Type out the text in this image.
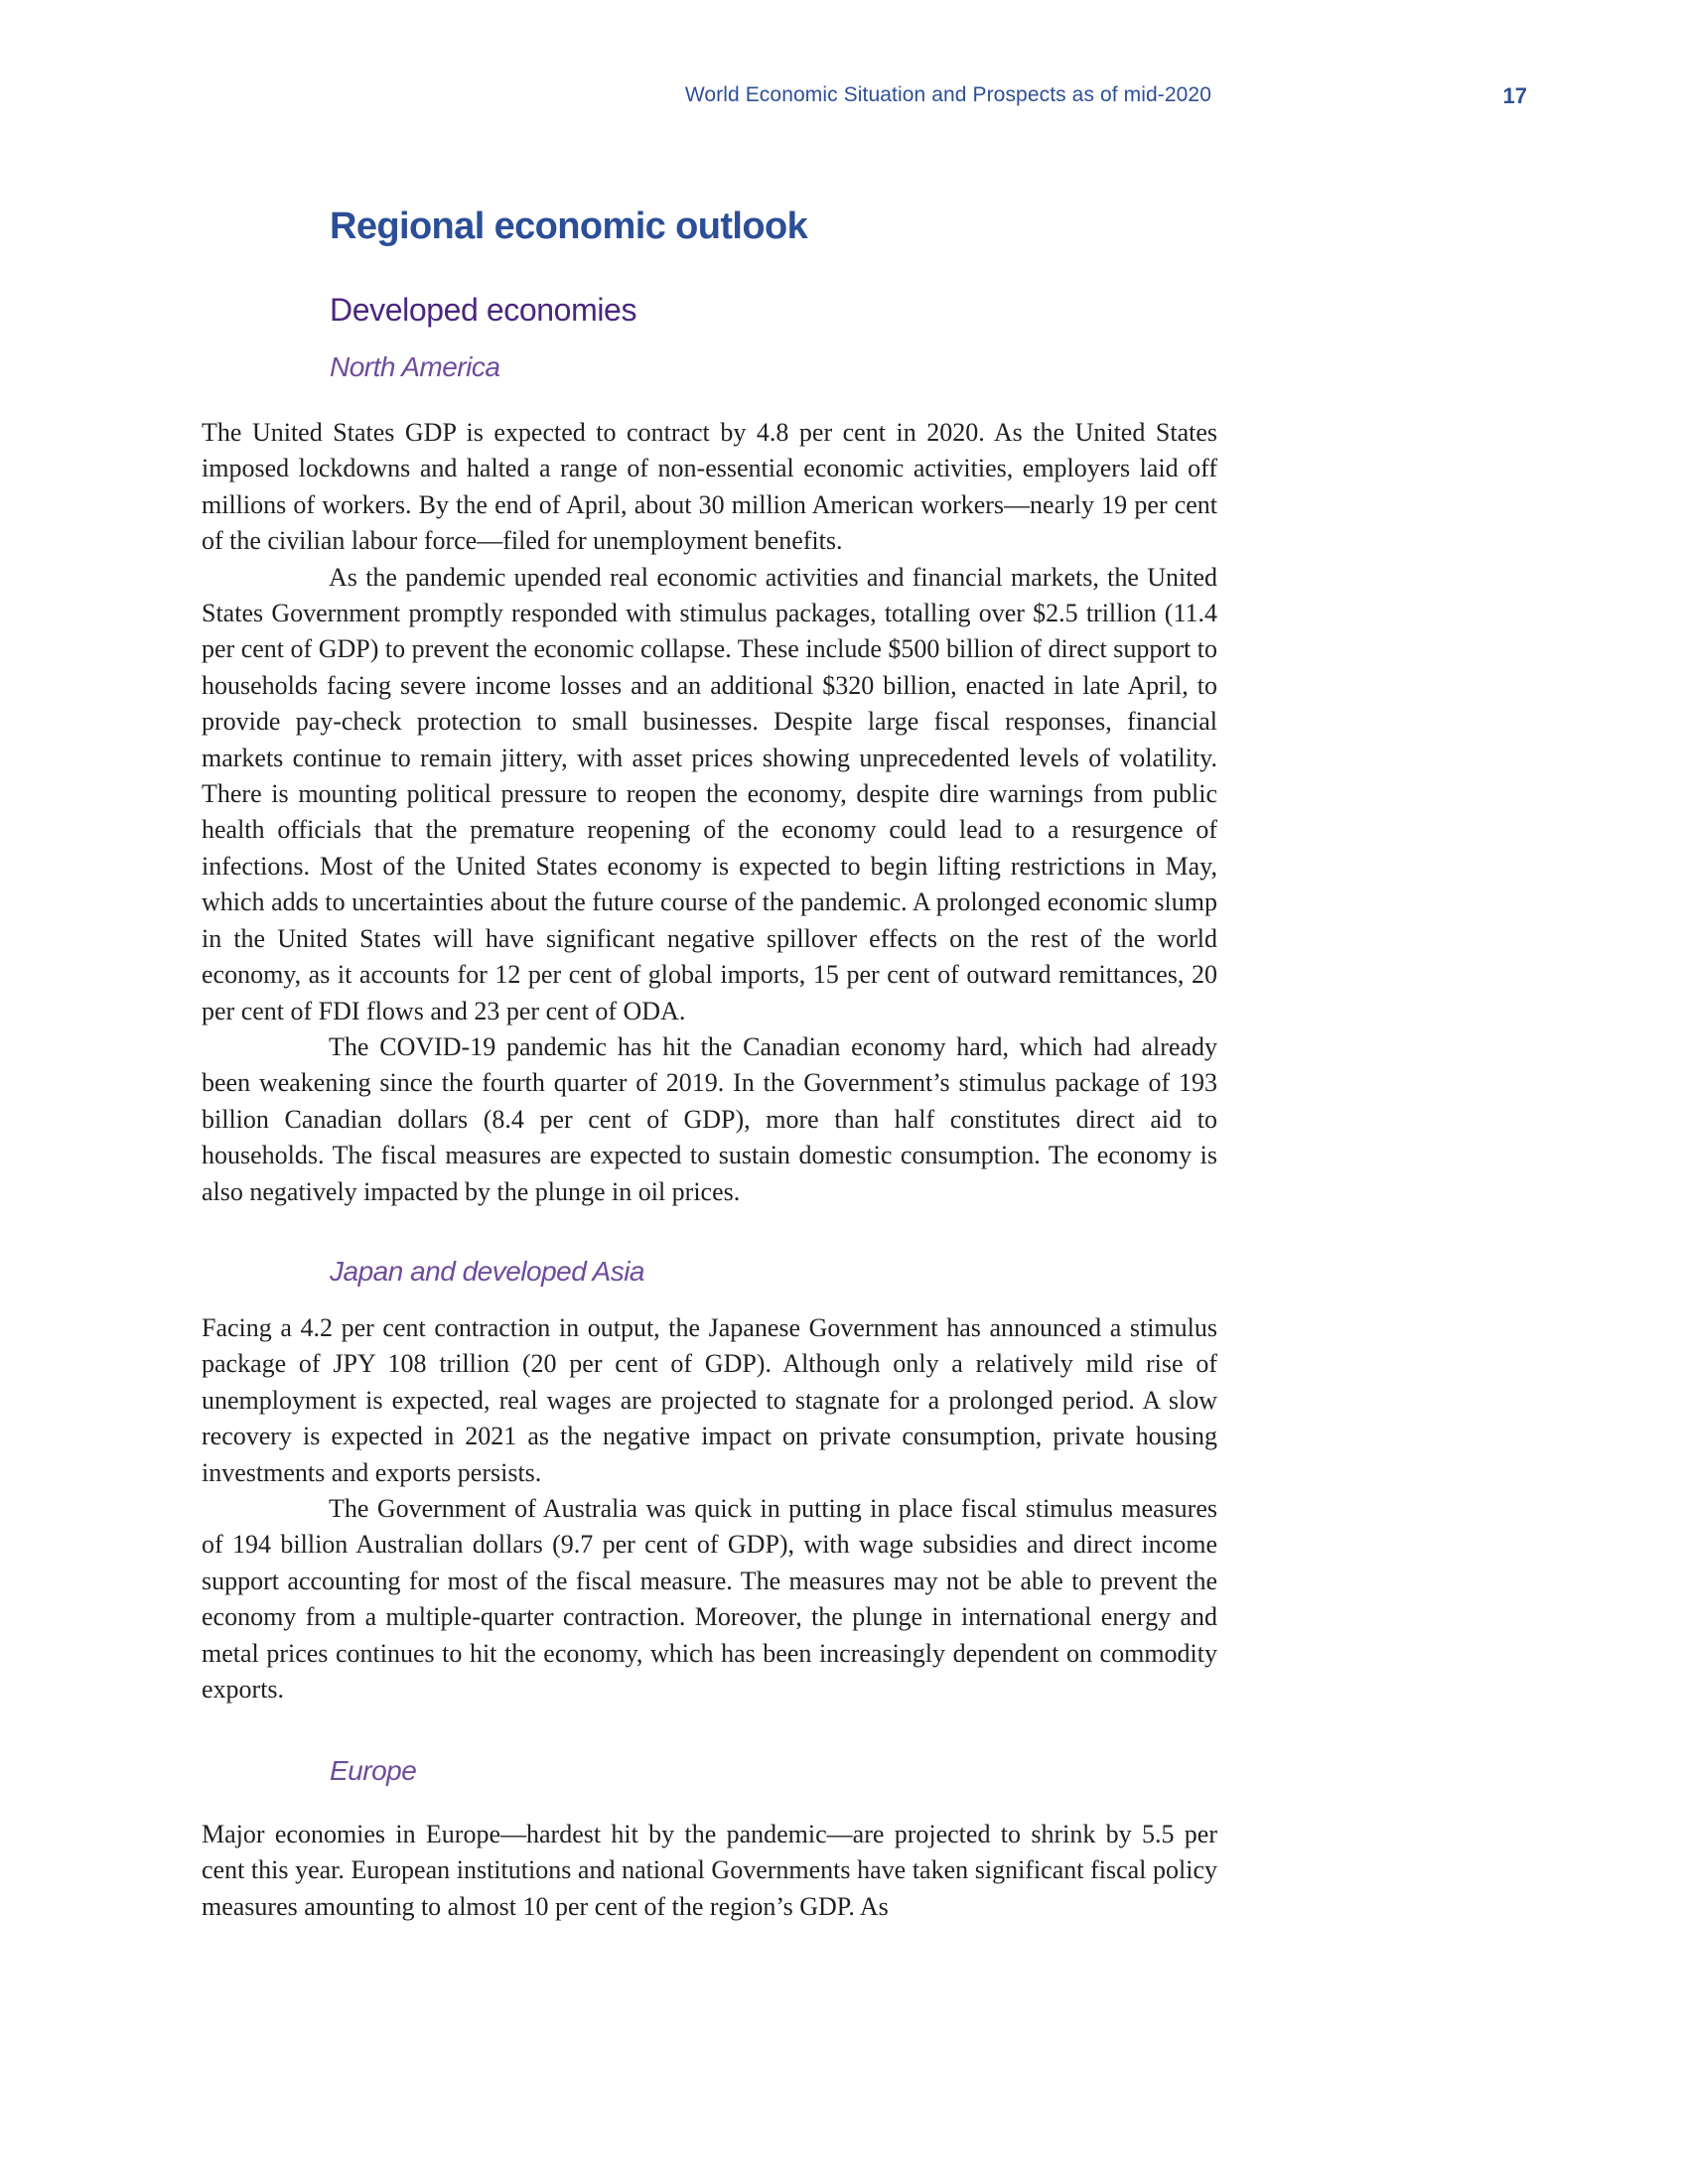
World Economic Situation and Prospects as of mid-2020	17
Regional economic outlook
Developed economies
North America

The United States GDP is expected to contract by 4.8 per cent in 2020. As the United States imposed lockdowns and halted a range of non-essential economic activities, employers laid off millions of workers. By the end of April, about 30 million American workers—nearly 19 per cent of the civilian labour force—filed for unemployment benefits.

As the pandemic upended real economic activities and financial markets, the United States Government promptly responded with stimulus packages, totalling over $2.5 trillion (11.4 per cent of GDP) to prevent the economic collapse. These include $500 billion of direct support to households facing severe income losses and an additional $320 billion, enacted in late April, to provide pay-check protection to small businesses. Despite large fiscal responses, financial markets continue to remain jittery, with asset prices showing unprecedented levels of volatility. There is mounting political pressure to reopen the economy, despite dire warnings from public health officials that the premature reopening of the economy could lead to a resurgence of infections. Most of the United States economy is expected to begin lifting restrictions in May, which adds to uncertainties about the future course of the pandemic. A prolonged economic slump in the United States will have significant negative spillover effects on the rest of the world economy, as it accounts for 12 per cent of global imports, 15 per cent of outward remittances, 20 per cent of FDI flows and 23 per cent of ODA.

The COVID-19 pandemic has hit the Canadian economy hard, which had already been weakening since the fourth quarter of 2019. In the Government’s stimulus package of 193 billion Canadian dollars (8.4 per cent of GDP), more than half constitutes direct aid to households. The fiscal measures are expected to sustain domestic consumption. The economy is also negatively impacted by the plunge in oil prices.

Japan and developed Asia

Facing a 4.2 per cent contraction in output, the Japanese Government has announced a stimulus package of JPY 108 trillion (20 per cent of GDP). Although only a relatively mild rise of unemployment is expected, real wages are projected to stagnate for a prolonged period. A slow recovery is expected in 2021 as the negative impact on private consumption, private housing investments and exports persists.

The Government of Australia was quick in putting in place fiscal stimulus measures of 194 billion Australian dollars (9.7 per cent of GDP), with wage subsidies and direct income support accounting for most of the fiscal measure. The measures may not be able to prevent the economy from a multiple-quarter contraction. Moreover, the plunge in international energy and metal prices continues to hit the economy, which has been increasingly dependent on commodity exports.

Europe

Major economies in Europe—hardest hit by the pandemic—are projected to shrink by 5.5 per cent this year. European institutions and national Governments have taken significant fiscal policy measures amounting to almost 10 per cent of the region’s GDP. As
